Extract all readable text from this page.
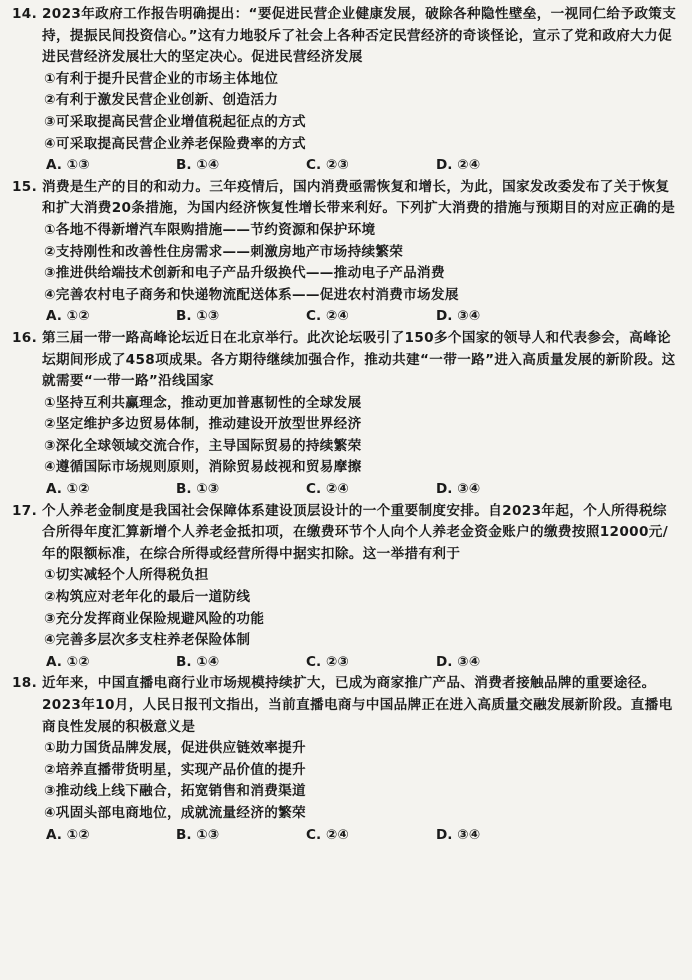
14. 2023年政府工作报告明确提出：“要促进民营企业健康发展，破除各种隐性壁垒，一视同仁给予政策支持，提振民间投资信心。”这有力地驳斥了社会上各种否定民营经济的奇谈怪论，宣示了党和政府大力促进民营经济发展壮大的坚定决心。促进民营经济发展
①有利于提升民营企业的市场主体地位
②有利于激发民营企业创新、创造活力
③可采取提高民营企业增值税起征点的方式
④可采取提高民营企业养老保险费率的方式
A. ①③	B. ①④	C. ②③	D. ②④
15. 消费是生产的目的和动力。三年疫情后，国内消费亟需恢复和增长，为此，国家发改委发布了关于恢复和扩大消费20条措施，为国内经济恢复性增长带来利好。下列扩大消费的措施与预期目的对应正确的是
①各地不得新增汽车限购措施——节约资源和保护环境
②支持刚性和改善性住房需求——刺激房地产市场持续繁荣
③推进供给端技术创新和电子产品升级换代——推动电子产品消费
④完善农村电子商务和快递物流配送体系——促进农村消费市场发展
A. ①②	B. ①③	C. ②④	D. ③④
16. 第三届一带一路高峰论坛近日在北京举行。此次论坛吸引了150多个国家的领导人和代表参会，高峰论坛期间形成了458项成果。各方期待继续加强合作，推动共建“一带一路”进入高质量发展的新阶段。这就需要“一带一路”沿线国家
①坚持互利共赢理念，推动更加普惠韧性的全球发展
②坚定维护多边贸易体制，推动建设开放型世界经济
③深化全球领域交流合作，主导国际贸易的持续繁荣
④遵循国际市场规则原则，消除贸易歧视和贸易摩擦
A. ①②	B. ①③	C. ②④	D. ③④
17. 个人养老金制度是我国社会保障体系建设顶层设计的一个重要制度安排。自2023年起，个人所得税综合所得年度汇算新增个人养老金抵扣项，在缴费环节个人向个人养老金资金账户的缴费按照12000元/年的限额标准，在综合所得或经营所得中据实扣除。这一举措有利于
①切实减轻个人所得税负担
②构筑应对老年化的最后一道防线
③充分发挥商业保险规避风险的功能
④完善多层次多支柱养老保险体制
A. ①②	B. ①④	C. ②③	D. ③④
18. 近年来，中国直播电商行业市场规模持续扩大，已成为商家推广产品、消费者接触品牌的重要途径。2023年10月，人民日报刊文指出，当前直播电商与中国品牌正在进入高质量交融发展新阶段。直播电商良性发展的积极意义是
①助力国货品牌发展，促进供应链效率提升
②培养直播带货明星，实现产品价值的提升
③推动线上线下融合，拓宽销售和消费渠道
④巩固头部电商地位，成就流量经济的繁荣
A. ①②	B. ①③	C. ②④	D. ③④
